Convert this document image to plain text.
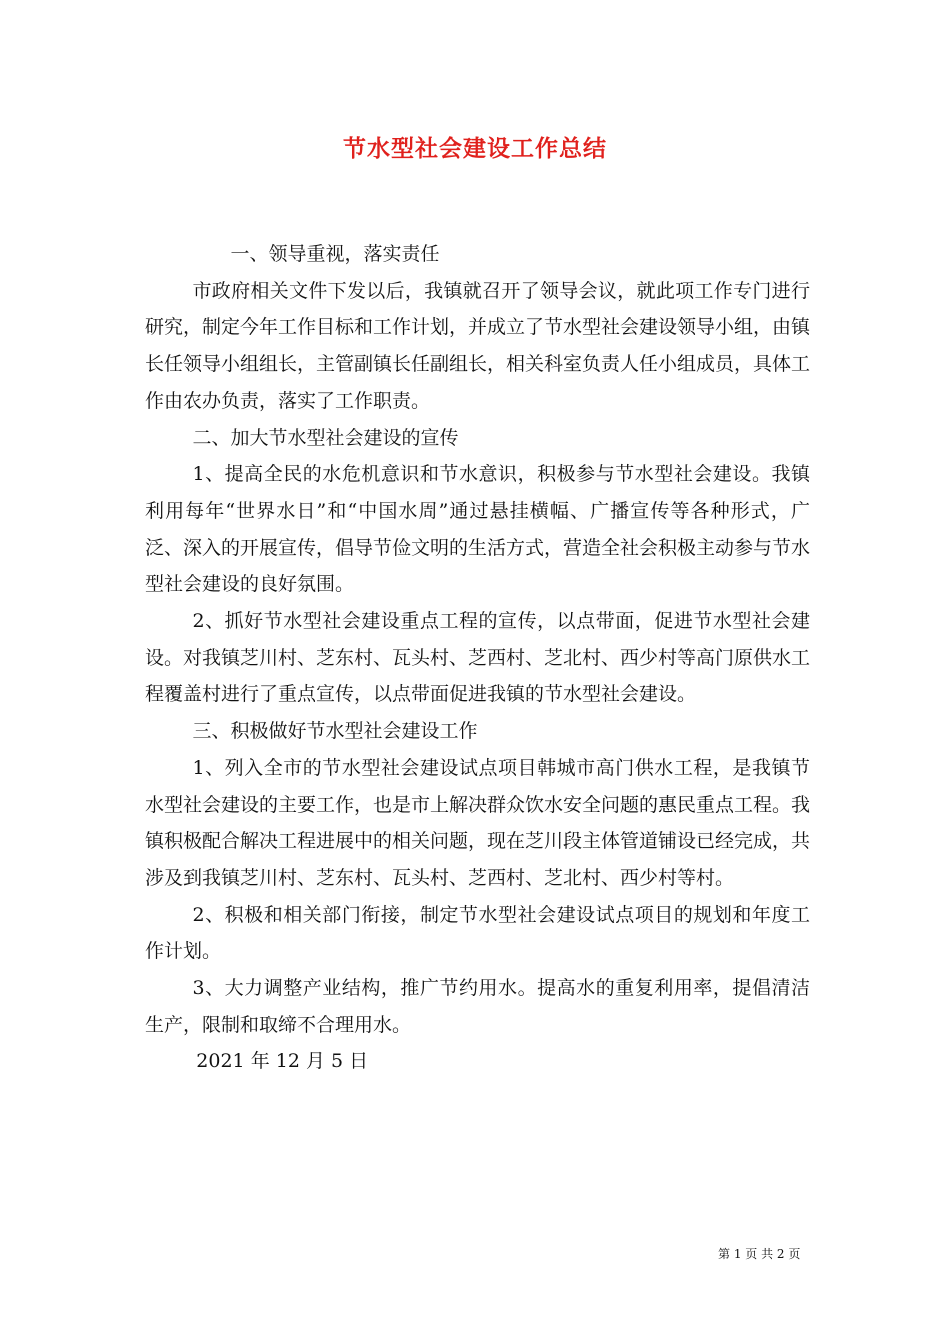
节水型社会建设工作总结

一、领导重视，落实责任

市政府相关文件下发以后，我镇就召开了领导会议，就此项工作专门进行研究，制定今年工作目标和工作计划，并成立了节水型社会建设领导小组，由镇长任领导小组组长，主管副镇长任副组长，相关科室负责人任小组成员，具体工作由农办负责，落实了工作职责。

二、加大节水型社会建设的宣传

1、提高全民的水危机意识和节水意识，积极参与节水型社会建设。我镇利用每年“世界水日”和“中国水周”通过悬挂横幅、广播宣传等各种形式，广泛、深入的开展宣传，倡导节俭文明的生活方式，营造全社会积极主动参与节水型社会建设的良好氛围。

2、抓好节水型社会建设重点工程的宣传，以点带面，促进节水型社会建设。对我镇芝川村、芝东村、瓦头村、芝西村、芝北村、西少村等高门原供水工程覆盖村进行了重点宣传，以点带面促进我镇的节水型社会建设。

三、积极做好节水型社会建设工作

1、列入全市的节水型社会建设试点项目韩城市高门供水工程，是我镇节水型社会建设的主要工作，也是市上解决群众饮水安全问题的惠民重点工程。我镇积极配合解决工程进展中的相关问题，现在芝川段主体管道铺设已经完成，共涉及到我镇芝川村、芝东村、瓦头村、芝西村、芝北村、西少村等村。

2、积极和相关部门衔接，制定节水型社会建设试点项目的规划和年度工作计划。

3、大力调整产业结构，推广节约用水。提高水的重复利用率，提倡清洁生产，限制和取缔不合理用水。

2021 年 12 月 5 日

第 1 页 共 2 页
